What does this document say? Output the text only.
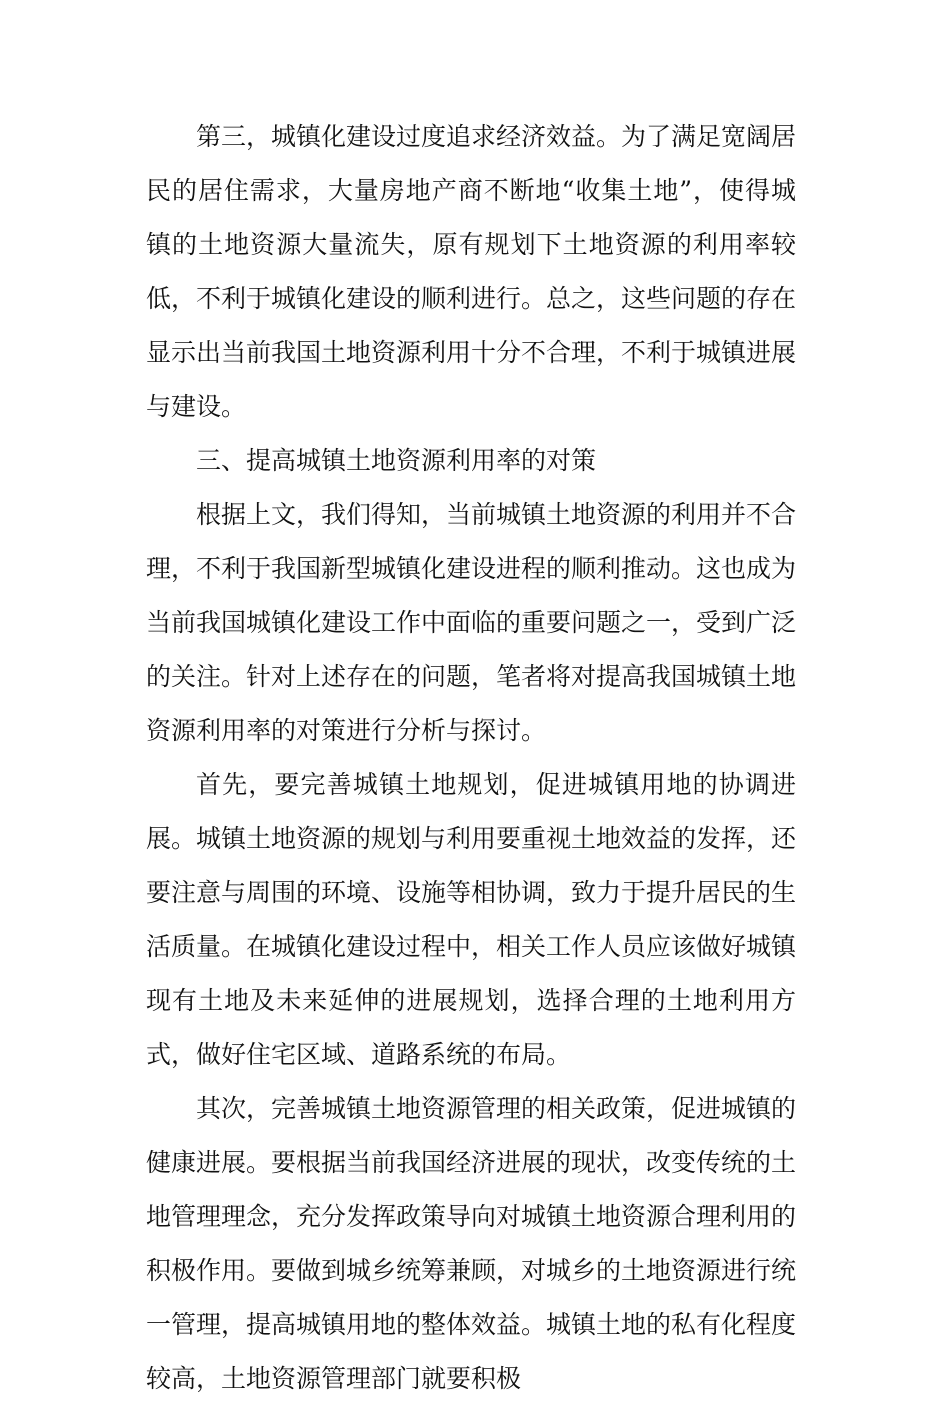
第三，城镇化建设过度追求经济效益。为了满足宽阔居民的居住需求，大量房地产商不断地“收集土地”，使得城镇的土地资源大量流失，原有规划下土地资源的利用率较低，不利于城镇化建设的顺利进行。总之，这些问题的存在显示出当前我国土地资源利用十分不合理，不利于城镇进展与建设。

三、提高城镇土地资源利用率的对策

根据上文，我们得知，当前城镇土地资源的利用并不合理，不利于我国新型城镇化建设进程的顺利推动。这也成为当前我国城镇化建设工作中面临的重要问题之一，受到广泛的关注。针对上述存在的问题，笔者将对提高我国城镇土地资源利用率的对策进行分析与探讨。

首先，要完善城镇土地规划，促进城镇用地的协调进展。城镇土地资源的规划与利用要重视土地效益的发挥，还要注意与周围的环境、设施等相协调，致力于提升居民的生活质量。在城镇化建设过程中，相关工作人员应该做好城镇现有土地及未来延伸的进展规划，选择合理的土地利用方式，做好住宅区域、道路系统的布局。

其次，完善城镇土地资源管理的相关政策，促进城镇的健康进展。要根据当前我国经济进展的现状，改变传统的土地管理理念，充分发挥政策导向对城镇土地资源合理利用的积极作用。要做到城乡统筹兼顾，对城乡的土地资源进行统一管理，提高城镇用地的整体效益。城镇土地的私有化程度较高，土地资源管理部门就要积极
